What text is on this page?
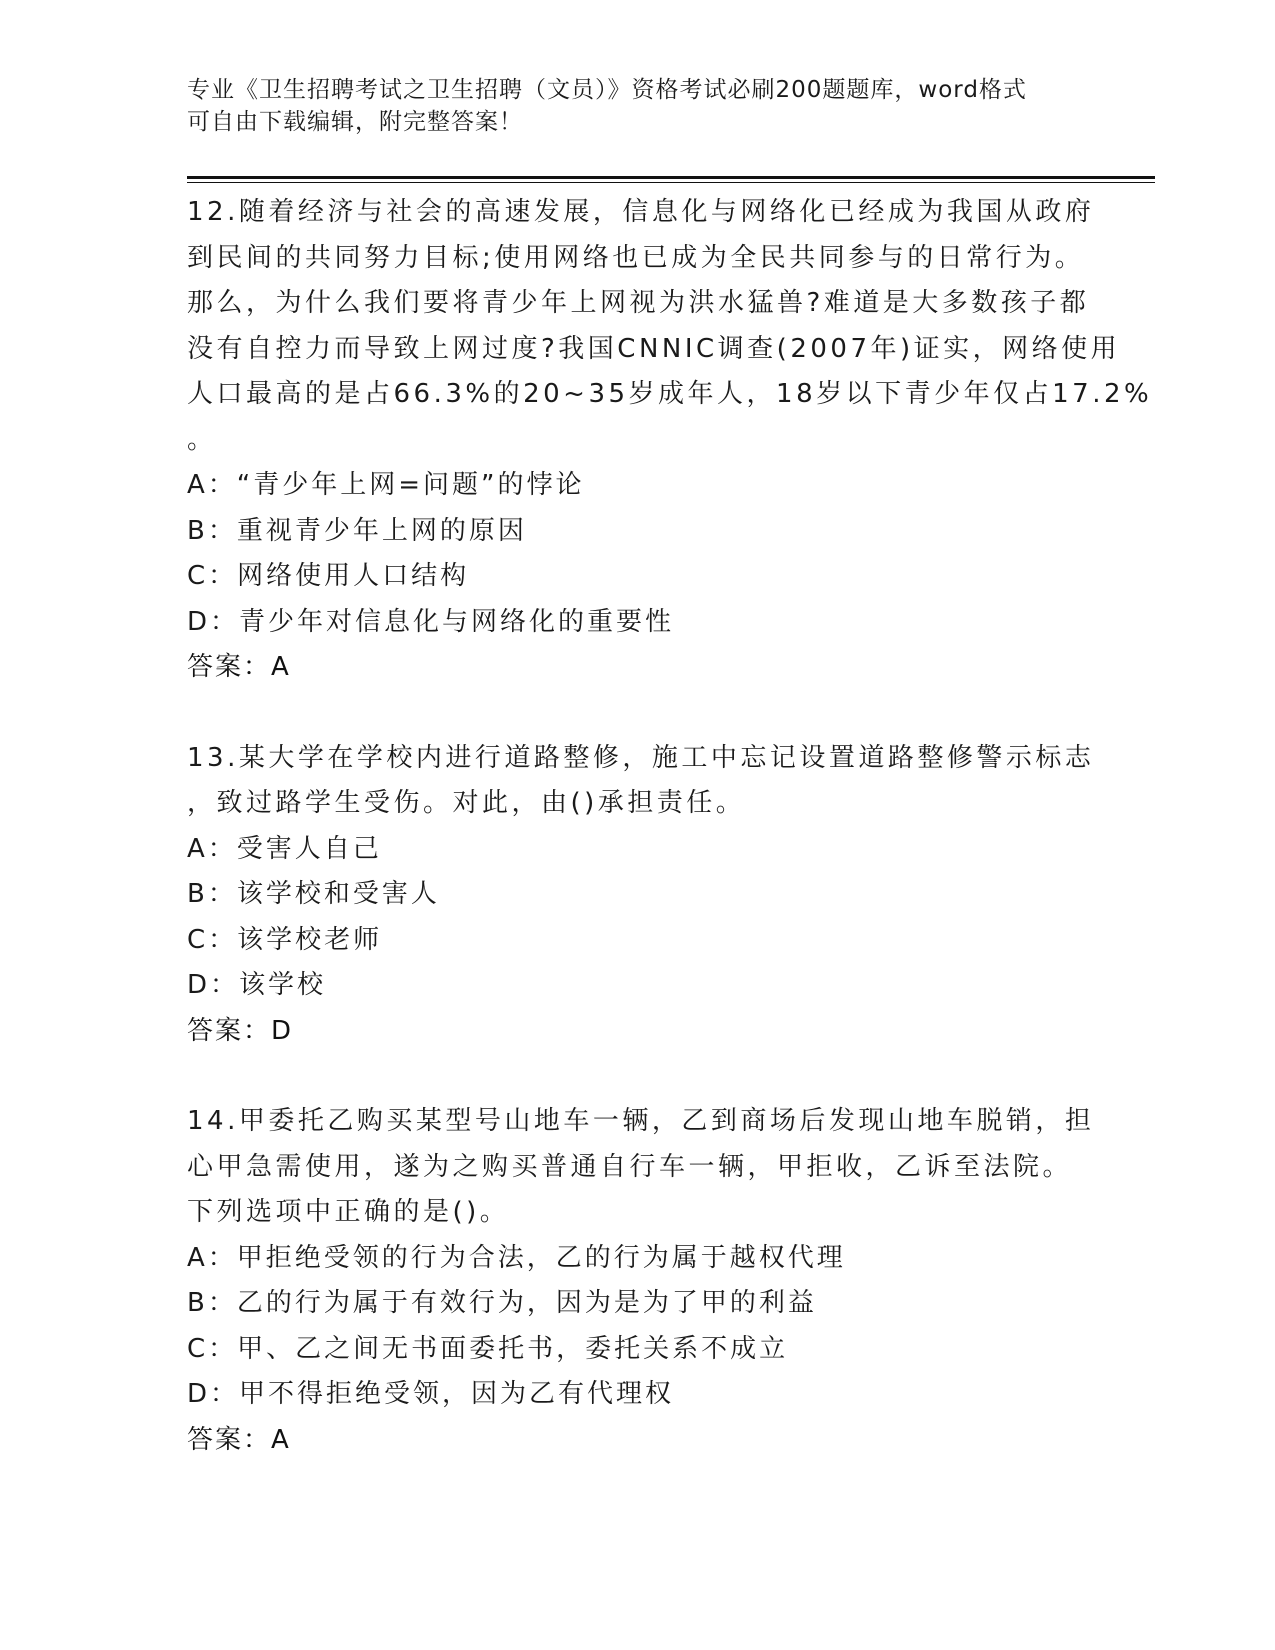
专业《卫生招聘考试之卫生招聘（文员）》资格考试必刷200题题库，word格式
可自由下载编辑，附完整答案！
12.随着经济与社会的高速发展，信息化与网络化已经成为我国从政府
到民间的共同努力目标;使用网络也已成为全民共同参与的日常行为。
那么，为什么我们要将青少年上网视为洪水猛兽?难道是大多数孩子都
没有自控力而导致上网过度?我国CNNIC调查(2007年)证实，网络使用
人口最高的是占66.3%的20~35岁成年人，18岁以下青少年仅占17.2%
。
A：“青少年上网=问题”的悖论
B：重视青少年上网的原因
C：网络使用人口结构
D：青少年对信息化与网络化的重要性
答案：A
13.某大学在学校内进行道路整修，施工中忘记设置道路整修警示标志
，致过路学生受伤。对此，由()承担责任。
A：受害人自己
B：该学校和受害人
C：该学校老师
D：该学校
答案：D
14.甲委托乙购买某型号山地车一辆，乙到商场后发现山地车脱销，担
心甲急需使用，遂为之购买普通自行车一辆，甲拒收，乙诉至法院。
下列选项中正确的是()。
A：甲拒绝受领的行为合法，乙的行为属于越权代理
B：乙的行为属于有效行为，因为是为了甲的利益
C：甲、乙之间无书面委托书，委托关系不成立
D：甲不得拒绝受领，因为乙有代理权
答案：A
